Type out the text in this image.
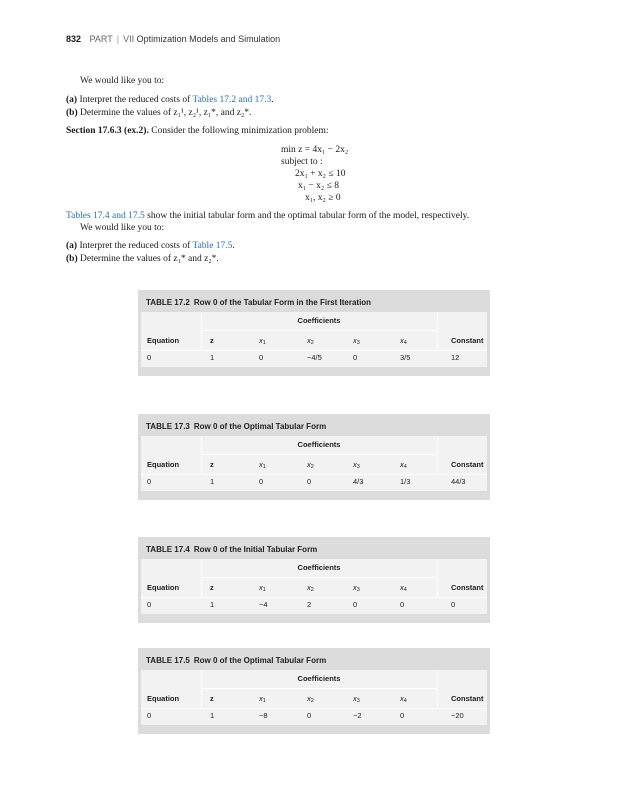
832 PART | VII Optimization Models and Simulation
We would like you to:
(a) Interpret the reduced costs of Tables 17.2 and 17.3.
(b) Determine the values of z₁¹, z₂¹, z₁*, and z₂*.
Section 17.6.3 (ex.2). Consider the following minimization problem:
min z = 4x₁ − 2x₂
subject to :
2x₁ + x₂ ≤ 10
x₁ − x₂ ≤ 8
x₁, x₂ ≥ 0
Tables 17.4 and 17.5 show the initial tabular form and the optimal tabular form of the model, respectively.
We would like you to:
(a) Interpret the reduced costs of Table 17.5.
(b) Determine the values of z₁* and z₂*.
TABLE 17.2 Row 0 of the Tabular Form in the First Iteration
Coefficients
Equation	z	$x_1$	$x_2$	$x_3$	$x_4$	Constant
0	1	0	−4/5	0	3/5	12
TABLE 17.3 Row 0 of the Optimal Tabular Form
Coefficients
Equation	z	$x_1$	$x_2$	$x_3$	$x_4$	Constant
0	1	0	0	4/3	1/3	44/3
TABLE 17.4 Row 0 of the Initial Tabular Form
Coefficients
Equation	z	$x_1$	$x_2$	$x_3$	$x_4$	Constant
0	1	−4	2	0	0	0
TABLE 17.5 Row 0 of the Optimal Tabular Form
Coefficients
Equation	z	$x_1$	$x_2$	$x_3$	$x_4$	Constant
0	1	−8	0	−2	0	−20
